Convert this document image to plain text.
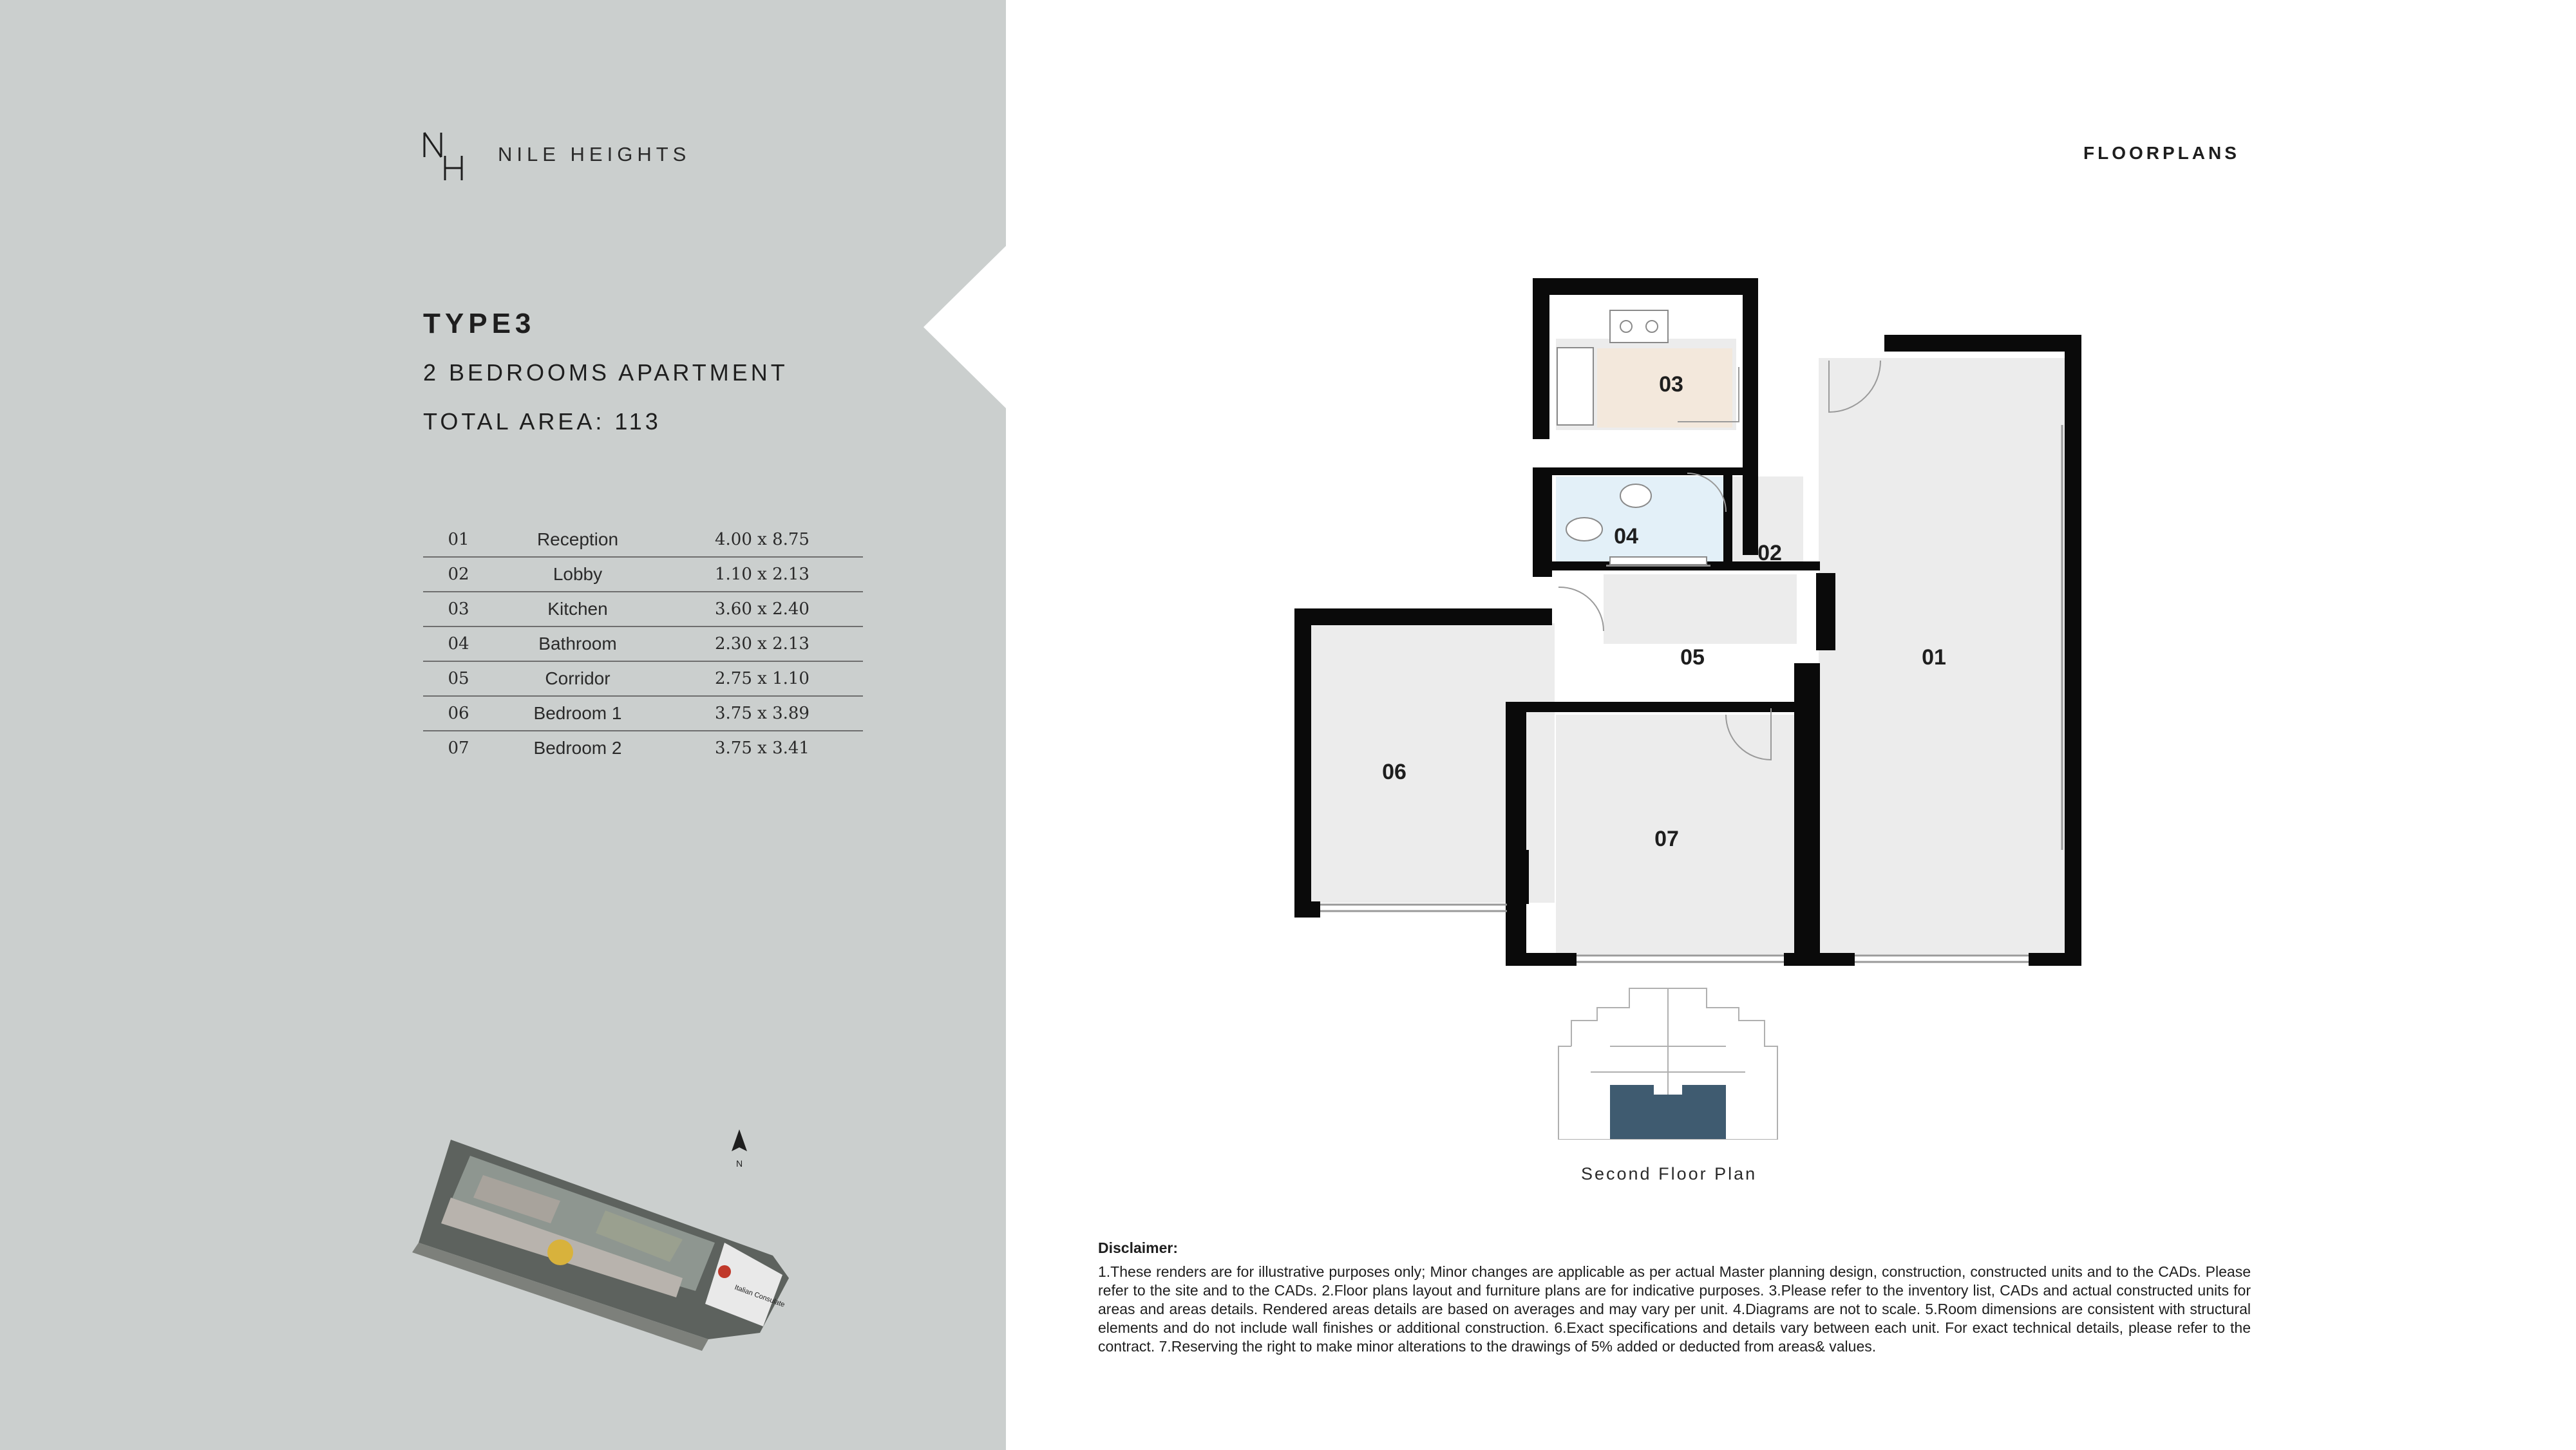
NILE HEIGHTS
TYPE3
2 BEDROOMS APARTMENT
TOTAL AREA: 113
01	Reception	4.00 x 8.75
02	Lobby	1.10 x 2.13
03	Kitchen	3.60 x 2.40
04	Bathroom	2.30 x 2.13
05	Corridor	2.75 x 1.10
06	Bedroom 1	3.75 x 3.89
07	Bedroom 2	3.75 x 3.41
N
Italian Consulate
FLOORPLANS
01
02
03
04
05
06
07
Second Floor Plan
Disclaimer:
1.These renders are for illustrative purposes only; Minor changes are applicable as per actual Master planning design, construction, constructed units and to the CADs. Please refer to the site and to the CADs. 2.Floor plans layout and furniture plans are for indicative purposes. 3.Please refer to the inventory list, CADs and actual constructed units for areas and areas details. Rendered areas details are based on averages and may vary per unit. 4.Diagrams are not to scale. 5.Room dimensions are consistent with structural elements and do not include wall finishes or additional construction. 6.Exact specifications and details vary between each unit. For exact technical details, please refer to the contract. 7.Reserving the right to make minor alterations to the drawings of 5% added or deducted from areas& values.
